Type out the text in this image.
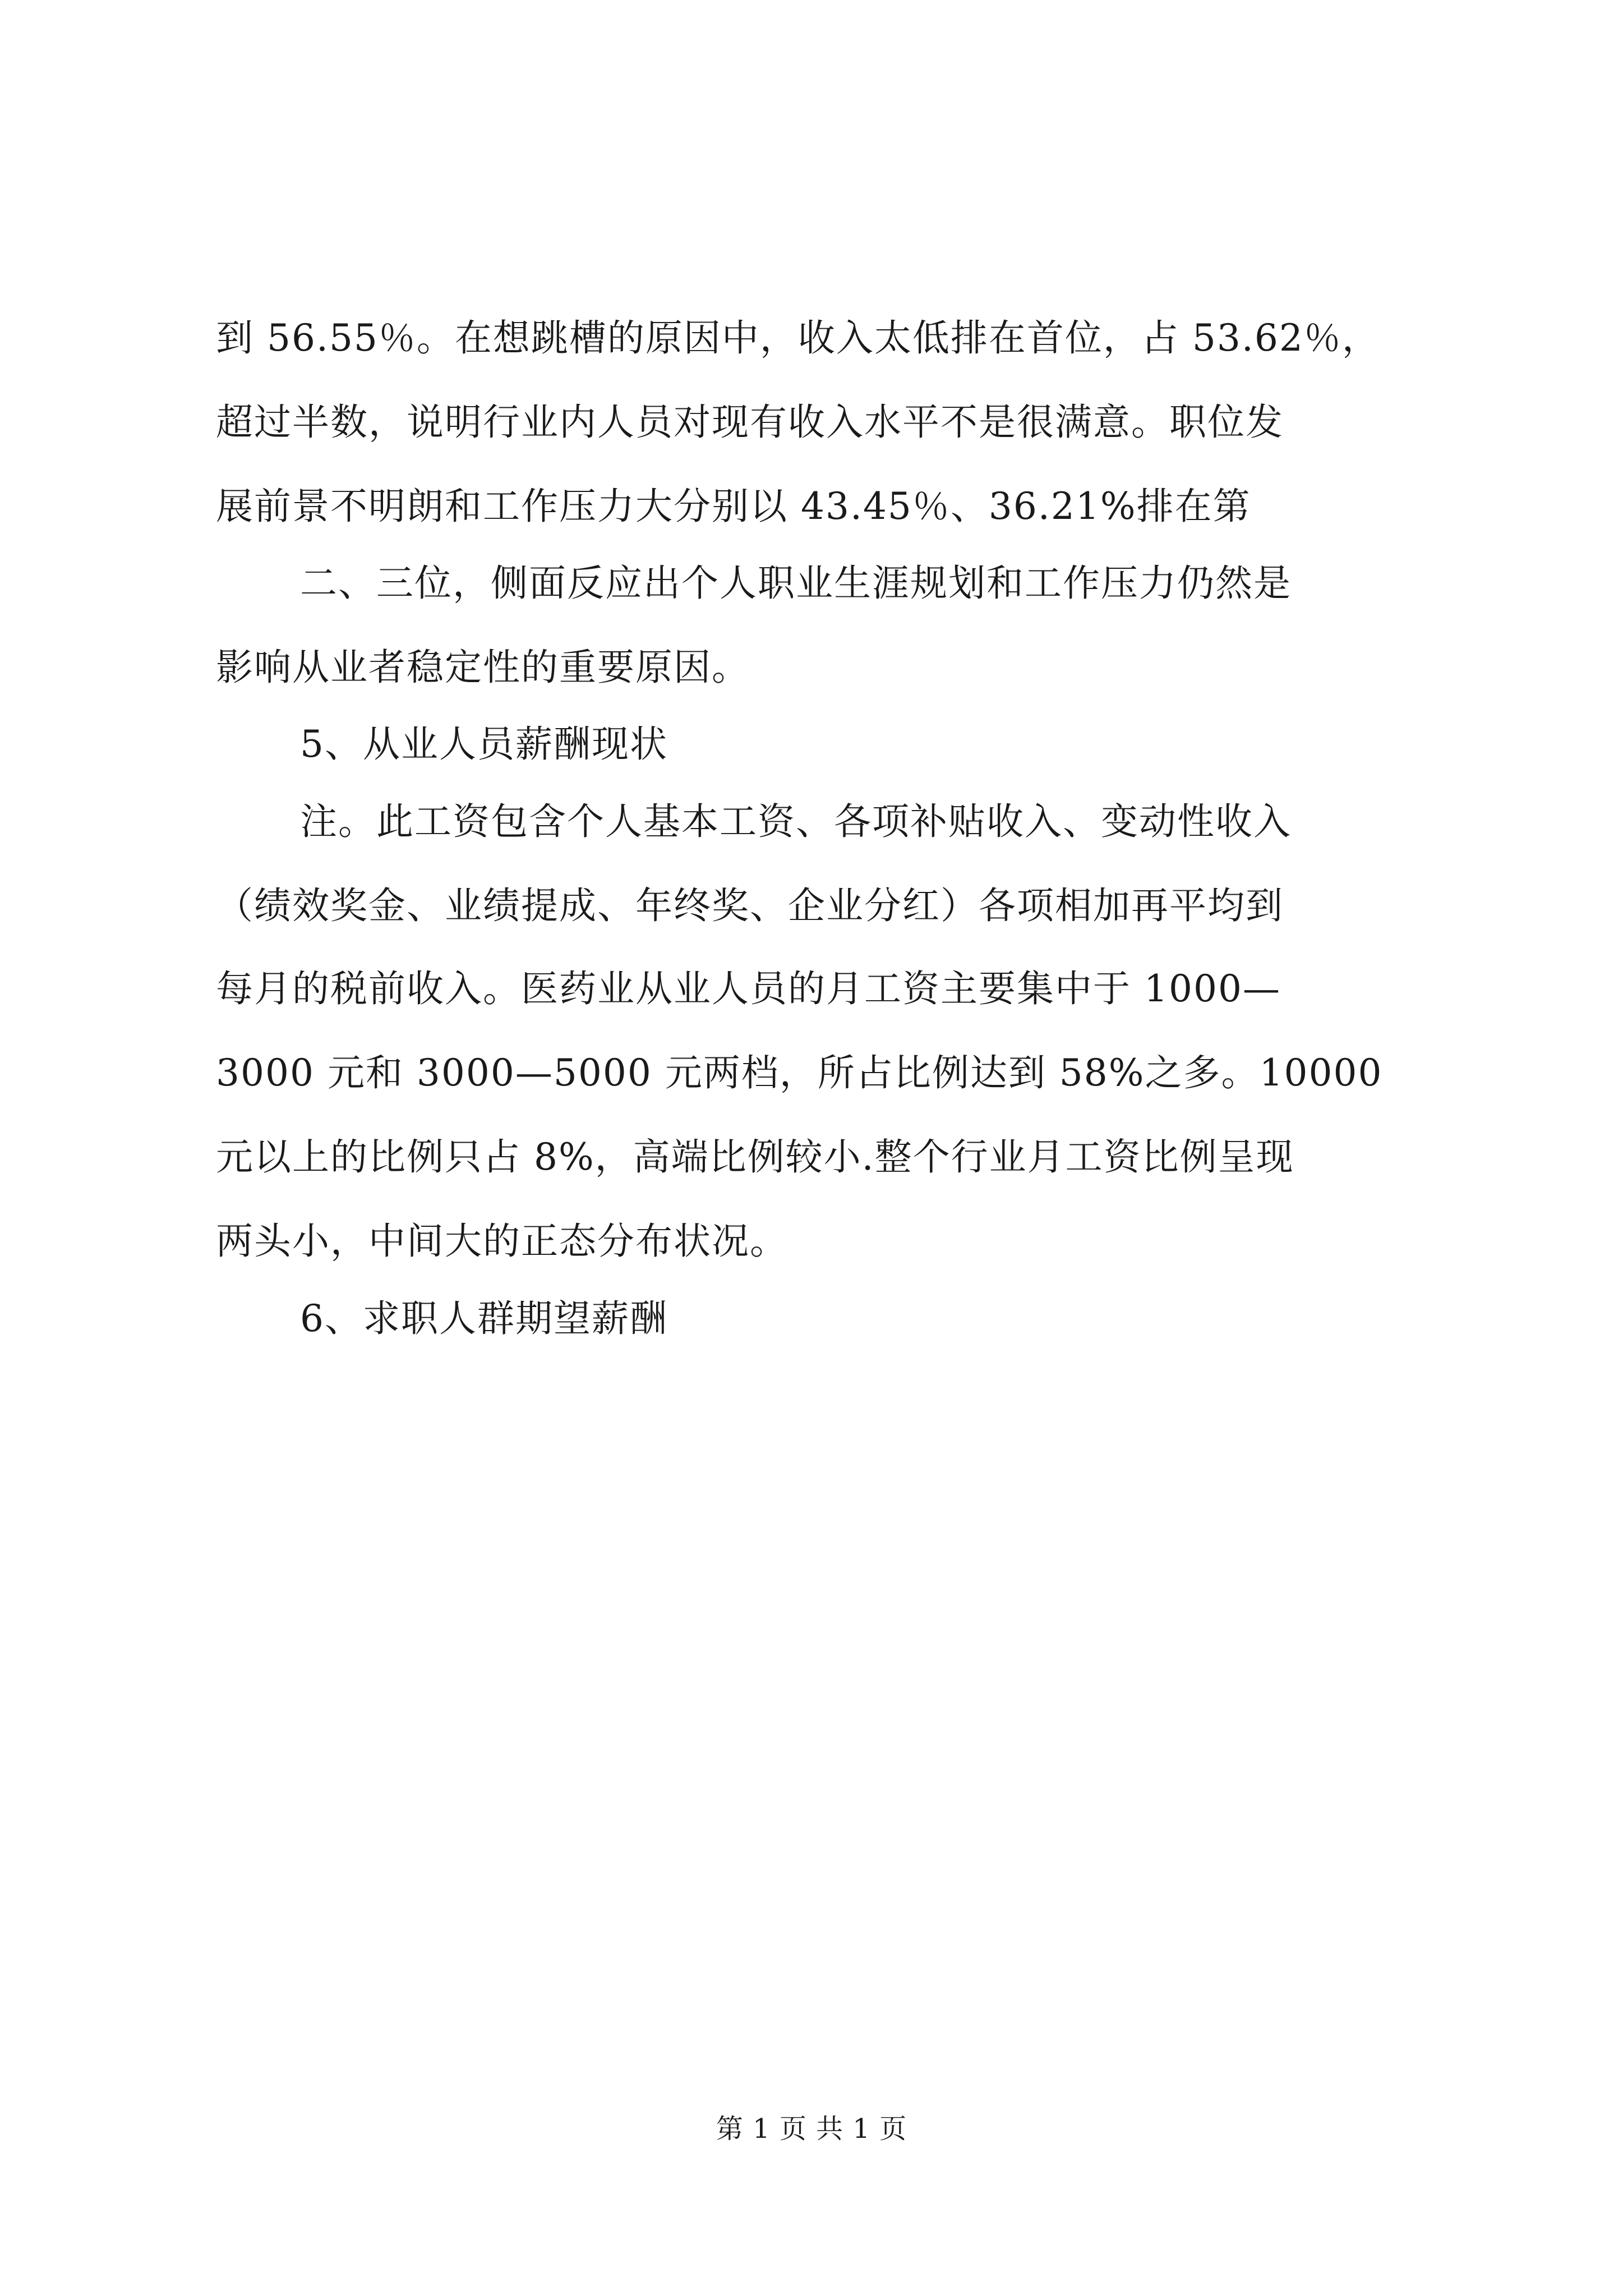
到 56.55％。在想跳槽的原因中，收入太低排在首位，占 53.62％，
超过半数，说明行业内人员对现有收入水平不是很满意。职位发
展前景不明朗和工作压力大分别以 43.45％、36.21%排在第
二、三位，侧面反应出个人职业生涯规划和工作压力仍然是
影响从业者稳定性的重要原因。
5、从业人员薪酬现状
注。此工资包含个人基本工资、各项补贴收入、变动性收入
（绩效奖金、业绩提成、年终奖、企业分红）各项相加再平均到
每月的税前收入。医药业从业人员的月工资主要集中于 1000—
3000 元和 3000—5000 元两档，所占比例达到 58%之多。10000
元以上的比例只占 8%，高端比例较小.整个行业月工资比例呈现
两头小，中间大的正态分布状况。
6、求职人群期望薪酬
第 1 页 共 1 页
